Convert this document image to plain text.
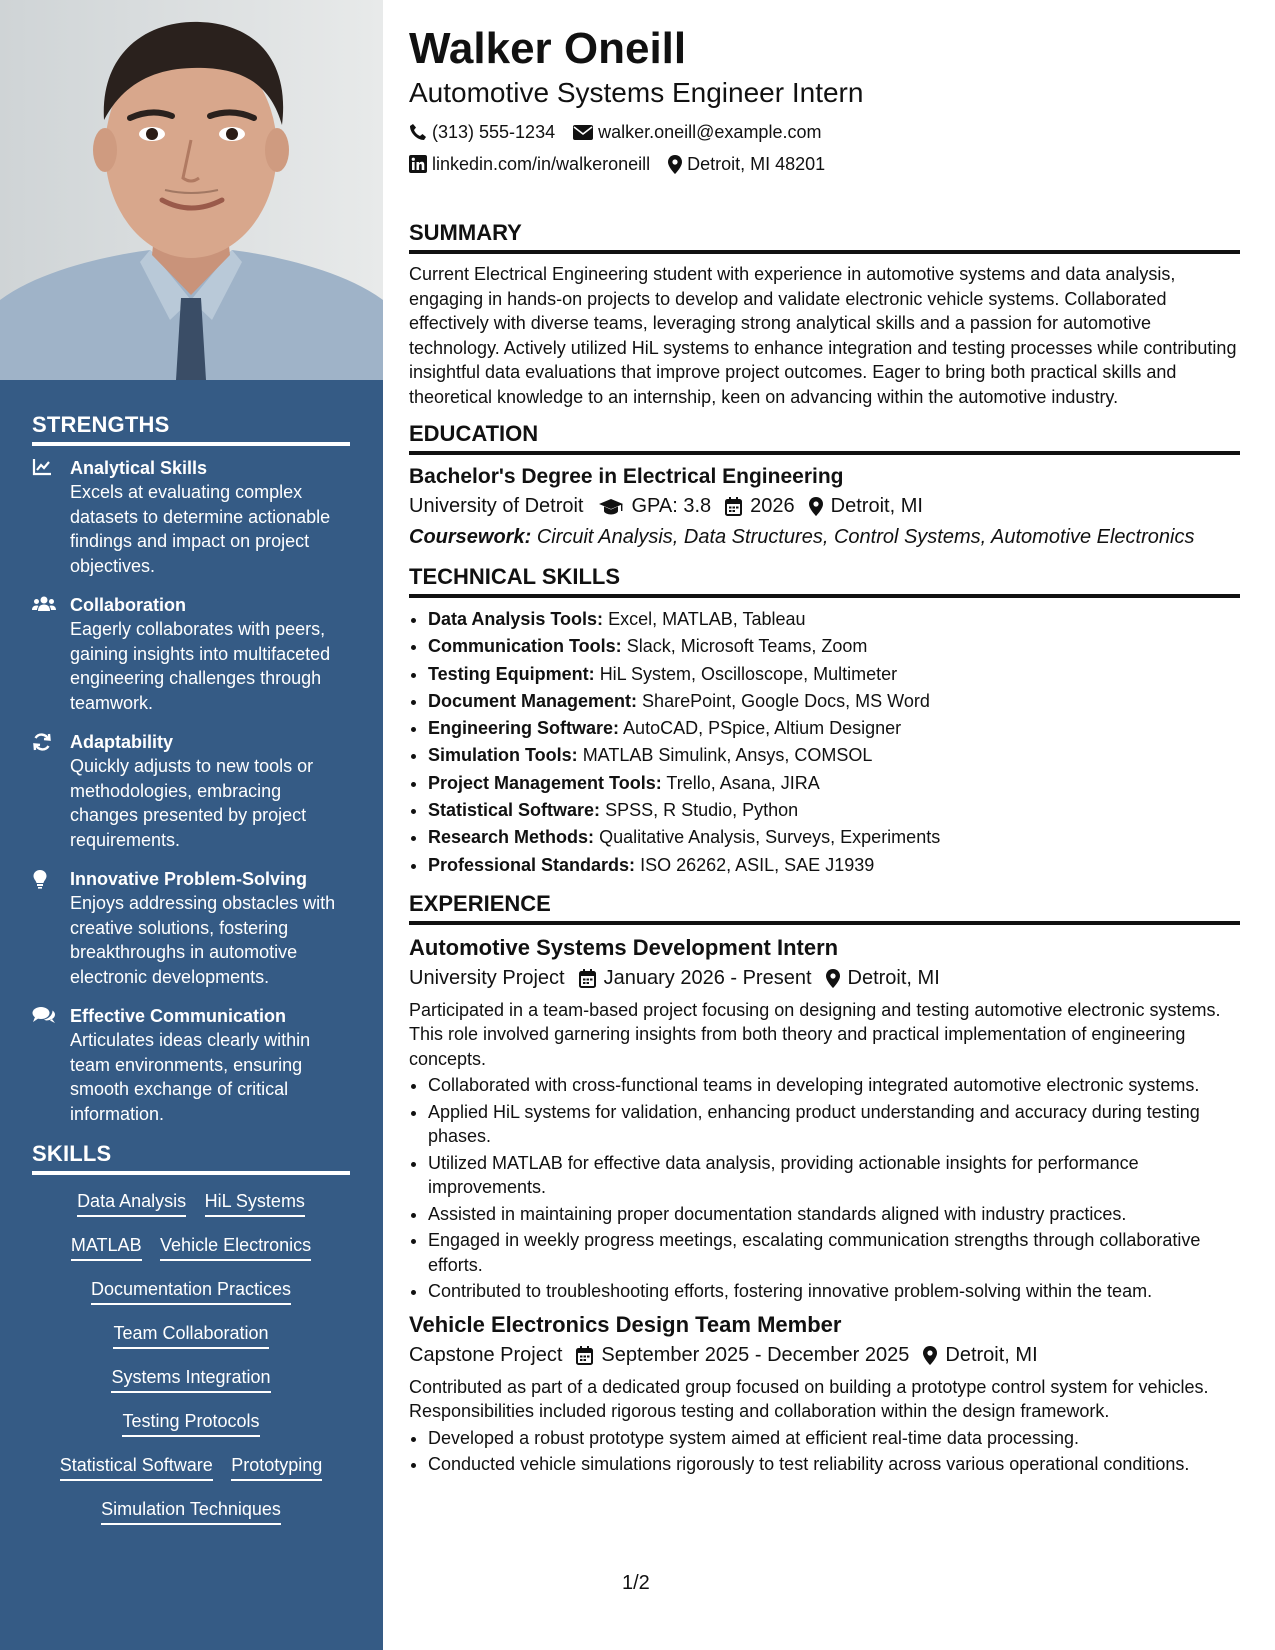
STRENGTHS
Analytical Skills
Excels at evaluating complex datasets to determine actionable findings and impact on project objectives.
Collaboration
Eagerly collaborates with peers, gaining insights into multifaceted engineering challenges through teamwork.
Adaptability
Quickly adjusts to new tools or methodologies, embracing changes presented by project requirements.
Innovative Problem-Solving
Enjoys addressing obstacles with creative solutions, fostering breakthroughs in automotive electronic developments.
Effective Communication
Articulates ideas clearly within team environments, ensuring smooth exchange of critical information.
SKILLS
Data Analysis HiL Systems
MATLAB Vehicle Electronics
Documentation Practices
Team Collaboration
Systems Integration
Testing Protocols
Statistical Software Prototyping
Simulation Techniques
Walker Oneill
Automotive Systems Engineer Intern
(313) 555-1234 walker.oneill@example.com
linkedin.com/in/walkeroneill Detroit, MI 48201
SUMMARY

Current Electrical Engineering student with experience in automotive systems and data analysis, engaging in hands-on projects to develop and validate electronic vehicle systems. Collaborated effectively with diverse teams, leveraging strong analytical skills and a passion for automotive technology. Actively utilized HiL systems to enhance integration and testing processes while contributing insightful data evaluations that improve project outcomes. Eager to bring both practical skills and theoretical knowledge to an internship, keen on advancing within the automotive industry.

EDUCATION
Bachelor's Degree in Electrical Engineering
University of Detroit GPA: 3.8 2026 Detroit, MI
Coursework: Circuit Analysis, Data Structures, Control Systems, Automotive Electronics
TECHNICAL SKILLS
• Data Analysis Tools: Excel, MATLAB, Tableau
• Communication Tools: Slack, Microsoft Teams, Zoom
• Testing Equipment: HiL System, Oscilloscope, Multimeter
• Document Management: SharePoint, Google Docs, MS Word
• Engineering Software: AutoCAD, PSpice, Altium Designer
• Simulation Tools: MATLAB Simulink, Ansys, COMSOL
• Project Management Tools: Trello, Asana, JIRA
• Statistical Software: SPSS, R Studio, Python
• Research Methods: Qualitative Analysis, Surveys, Experiments
• Professional Standards: ISO 26262, ASIL, SAE J1939
EXPERIENCE
Automotive Systems Development Intern
University Project January 2026 - Present Detroit, MI

Participated in a team-based project focusing on designing and testing automotive electronic systems. This role involved garnering insights from both theory and practical implementation of engineering concepts.

• Collaborated with cross-functional teams in developing integrated automotive electronic systems.
• Applied HiL systems for validation, enhancing product understanding and accuracy during testing phases.
• Utilized MATLAB for effective data analysis, providing actionable insights for performance improvements.
• Assisted in maintaining proper documentation standards aligned with industry practices.
• Engaged in weekly progress meetings, escalating communication strengths through collaborative efforts.
• Contributed to troubleshooting efforts, fostering innovative problem-solving within the team.
Vehicle Electronics Design Team Member
Capstone Project September 2025 - December 2025 Detroit, MI

Contributed as part of a dedicated group focused on building a prototype control system for vehicles. Responsibilities included rigorous testing and collaboration within the design framework.

• Developed a robust prototype system aimed at efficient real-time data processing.
• Conducted vehicle simulations rigorously to test reliability across various operational conditions.
1/2
